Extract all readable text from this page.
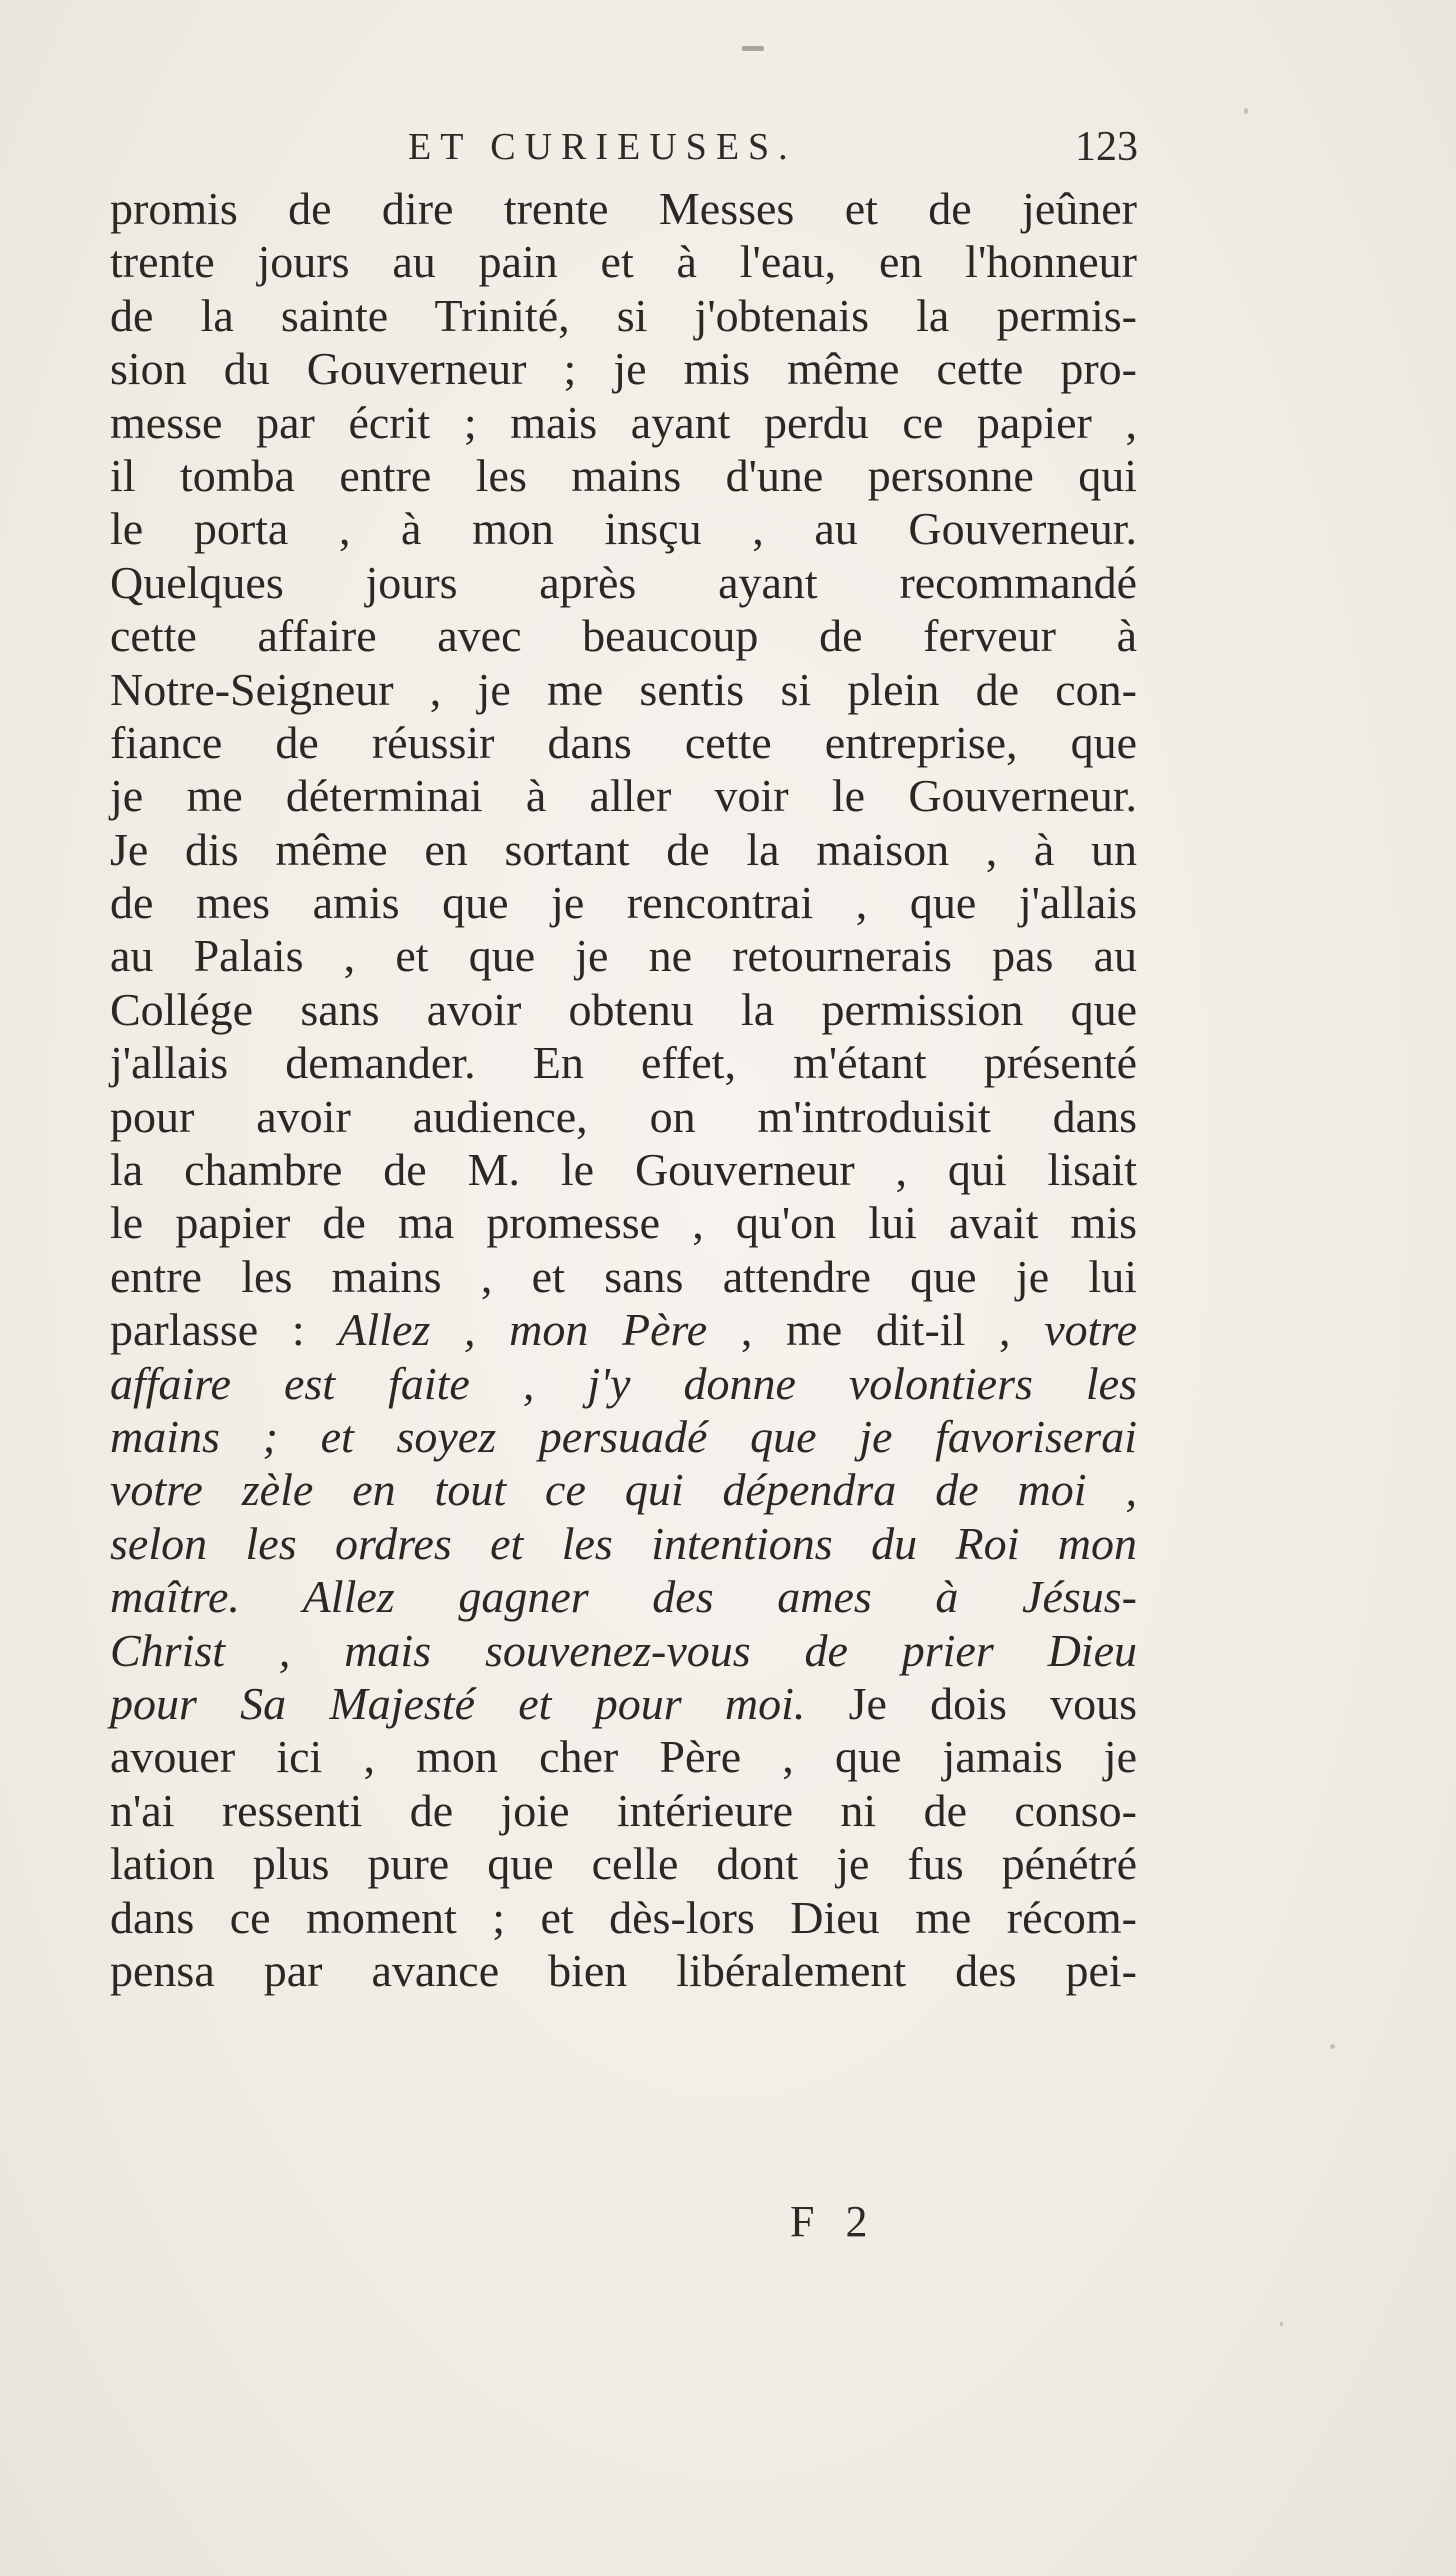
ET CURIEUSES.	123
promis de dire trente Messes et de jeûner
trente jours au pain et à l'eau, en l'honneur
de la sainte Trinité, si j'obtenais la permis-
sion du Gouverneur ; je mis même cette pro-
messe par écrit ; mais ayant perdu ce papier ,
il tomba entre les mains d'une personne qui
le porta , à mon insçu , au Gouverneur.
Quelques jours après ayant recommandé
cette affaire avec beaucoup de ferveur à
Notre-Seigneur , je me sentis si plein de con-
fiance de réussir dans cette entreprise, que
je me déterminai à aller voir le Gouverneur.
Je dis même en sortant de la maison , à un
de mes amis que je rencontrai , que j'allais
au Palais , et que je ne retournerais pas au
Collége sans avoir obtenu la permission que
j'allais demander. En effet, m'étant présenté
pour avoir audience, on m'introduisit dans
la chambre de M. le Gouverneur , qui lisait
le papier de ma promesse , qu'on lui avait mis
entre les mains , et sans attendre que je lui
parlasse : Allez , mon Père , me dit-il , votre
affaire est faite , j'y donne volontiers les
mains ; et soyez persuadé que je favoriserai
votre zèle en tout ce qui dépendra de moi ,
selon les ordres et les intentions du Roi mon
maître. Allez gagner des ames à Jésus-
Christ , mais souvenez-vous de prier Dieu
pour Sa Majesté et pour moi. Je dois vous
avouer ici , mon cher Père , que jamais je
n'ai ressenti de joie intérieure ni de conso-
lation plus pure que celle dont je fus pénétré
dans ce moment ; et dès-lors Dieu me récom-
pensa par avance bien libéralement des pei-
F 2
